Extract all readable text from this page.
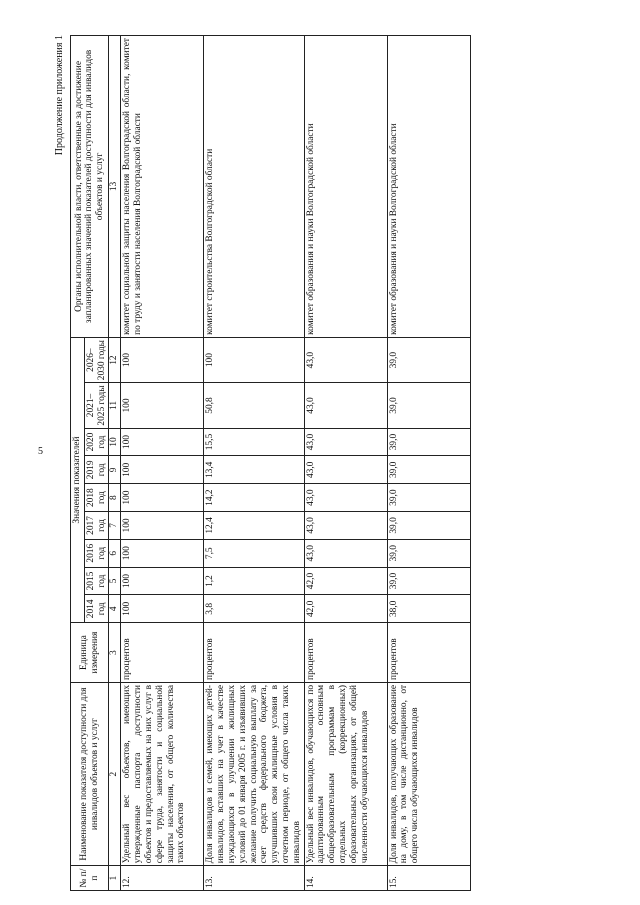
5
Продолжение приложения 1
№ п/п	Наименование показателя доступности для инвалидов объектов и услуг	Единица измерения	Значения показателей									Органы исполнительной власти, ответственные за достижение запланированных значений показателей доступности для инвалидов объектов и услуг
			2014 год	2015 год	2016 год	2017 год	2018 год	2019 год	2020 год	2021–2025 годы	2026–2030 годы	
1	2	3	4	5	6	7	8	9	10	11	12	13
12.	Удельный вес объектов, имеющих утвержденные паспорта доступности объектов и предоставляемых на них услуг в сфере труда, занятости и социальной защиты населения, от общего количества таких объектов	процентов	100	100	100	100	100	100	100	100	100	комитет социальной защиты населения Волгоградской области, комитет по труду и занятости населения Волгоградской области
13.	Доля инвалидов и семей, имеющих детей-инвалидов, вставших на учет в качестве нуждающихся в улучшении жилищных условий до 01 января 2005 г. и изъявивших желание получить социальную выплату за счет средств федерального бюджета, улучшивших свои жилищные условия в отчетном периоде, от общего числа таких инвалидов	процентов	3,8	1,2	7,5	12,4	14,2	13,4	15,5	50,8	100	комитет строительства Волгоградской области
14.	Удельный вес инвалидов, обучающихся по адаптированным основным общеобразовательным программам в отдельных (коррекционных) образовательных организациях, от общей численности обучающихся инвалидов	процентов	42,0	42,0	43,0	43,0	43,0	43,0	43,0	43,0	43,0	комитет образования и науки Волгоградской области
15.	Доля инвалидов, получающих образование на дому, в том числе дистанционно, от общего числа обучающихся инвалидов	процентов	38,0	39,0	39,0	39,0	39,0	39,0	39,0	39,0	39,0	комитет образования и науки Волгоградской области
